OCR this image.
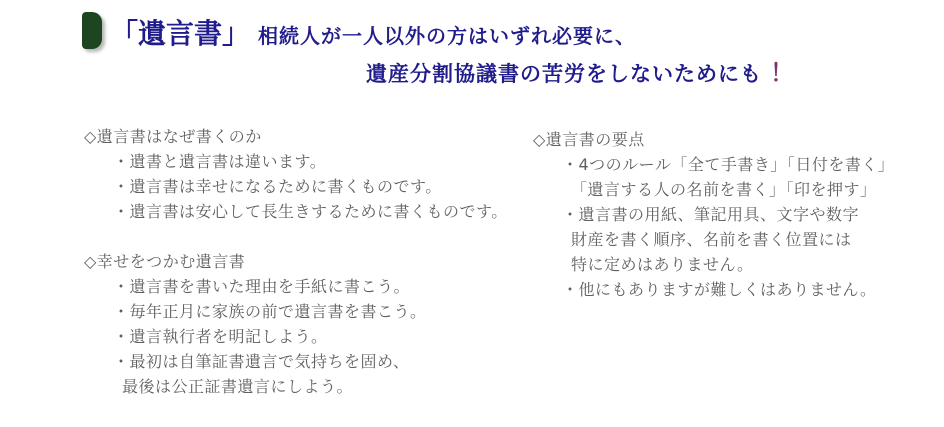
「遺言書」 相続人が一人以外の方はいずれ必要に、
遺産分割協議書の苦労をしないためにも ！
◇遺言書はなぜ書くのか
・遺書と遺言書は違います。
・遺言書は幸せになるために書くものです。
・遺言書は安心して長生きするために書くものです。
◇幸せをつかむ遺言書
・遺言書を書いた理由を手紙に書こう。
・毎年正月に家族の前で遺言書を書こう。
・遺言執行者を明記しよう。
・最初は自筆証書遺言で気持ちを固め、
最後は公正証書遺言にしよう。
◇遺言書の要点
・4つのルール「全て手書き」「日付を書く」
「遺言する人の名前を書く」「印を押す」
・遺言書の用紙、筆記用具、文字や数字
財産を書く順序、名前を書く位置には
特に定めはありません。
・他にもありますが難しくはありません。
